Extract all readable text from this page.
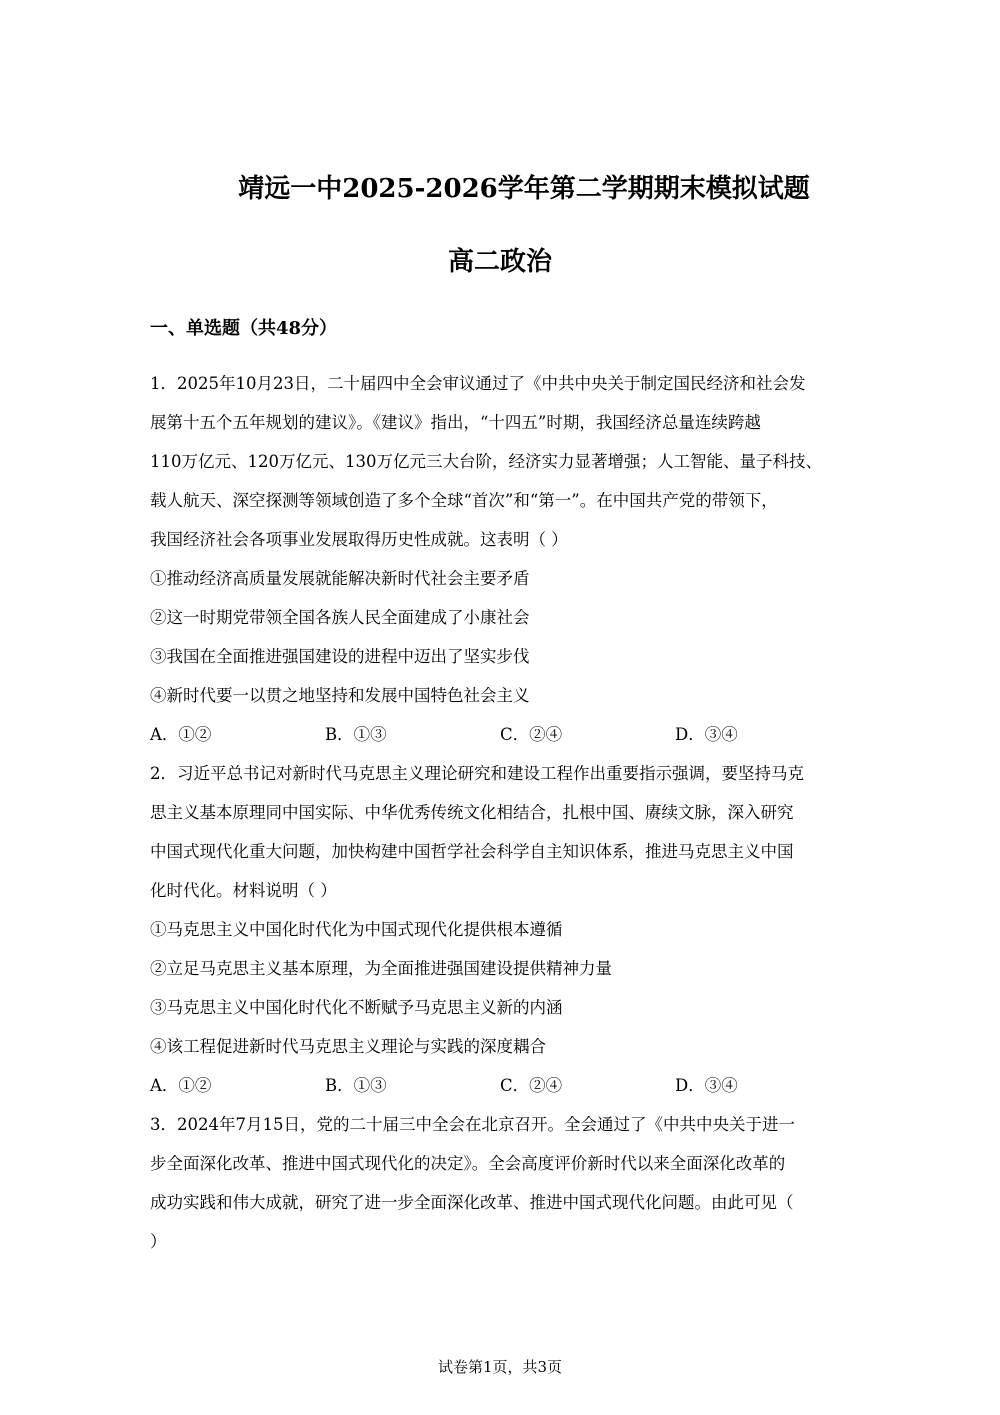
靖远一中2025-2026学年第二学期期末模拟试题
高二政治
一、单选题（共48分）
1．2025年10月23日，二十届四中全会审议通过了《中共中央关于制定国民经济和社会发
展第十五个五年规划的建议》。《建议》指出，“十四五”时期，我国经济总量连续跨越
110万亿元、120万亿元、130万亿元三大台阶，经济实力显著增强；人工智能、量子科技、
载人航天、深空探测等领域创造了多个全球“首次”和“第一”。在中国共产党的带领下，
我国经济社会各项事业发展取得历史性成就。这表明（ ）
①推动经济高质量发展就能解决新时代社会主要矛盾
②这一时期党带领全国各族人民全面建成了小康社会
③我国在全面推进强国建设的进程中迈出了坚实步伐
④新时代要一以贯之地坚持和发展中国特色社会主义
A．①②	B．①③	C．②④	D．③④
2．习近平总书记对新时代马克思主义理论研究和建设工程作出重要指示强调，要坚持马克
思主义基本原理同中国实际、中华优秀传统文化相结合，扎根中国、赓续文脉，深入研究
中国式现代化重大问题，加快构建中国哲学社会科学自主知识体系，推进马克思主义中国
化时代化。材料说明（ ）
①马克思主义中国化时代化为中国式现代化提供根本遵循
②立足马克思主义基本原理，为全面推进强国建设提供精神力量
③马克思主义中国化时代化不断赋予马克思主义新的内涵
④该工程促进新时代马克思主义理论与实践的深度耦合
A．①②	B．①③	C．②④	D．③④
3．2024年7月15日，党的二十届三中全会在北京召开。全会通过了《中共中央关于进一
步全面深化改革、推进中国式现代化的决定》。全会高度评价新时代以来全面深化改革的
成功实践和伟大成就，研究了进一步全面深化改革、推进中国式现代化问题。由此可见（
）
试卷第1页，共3页
